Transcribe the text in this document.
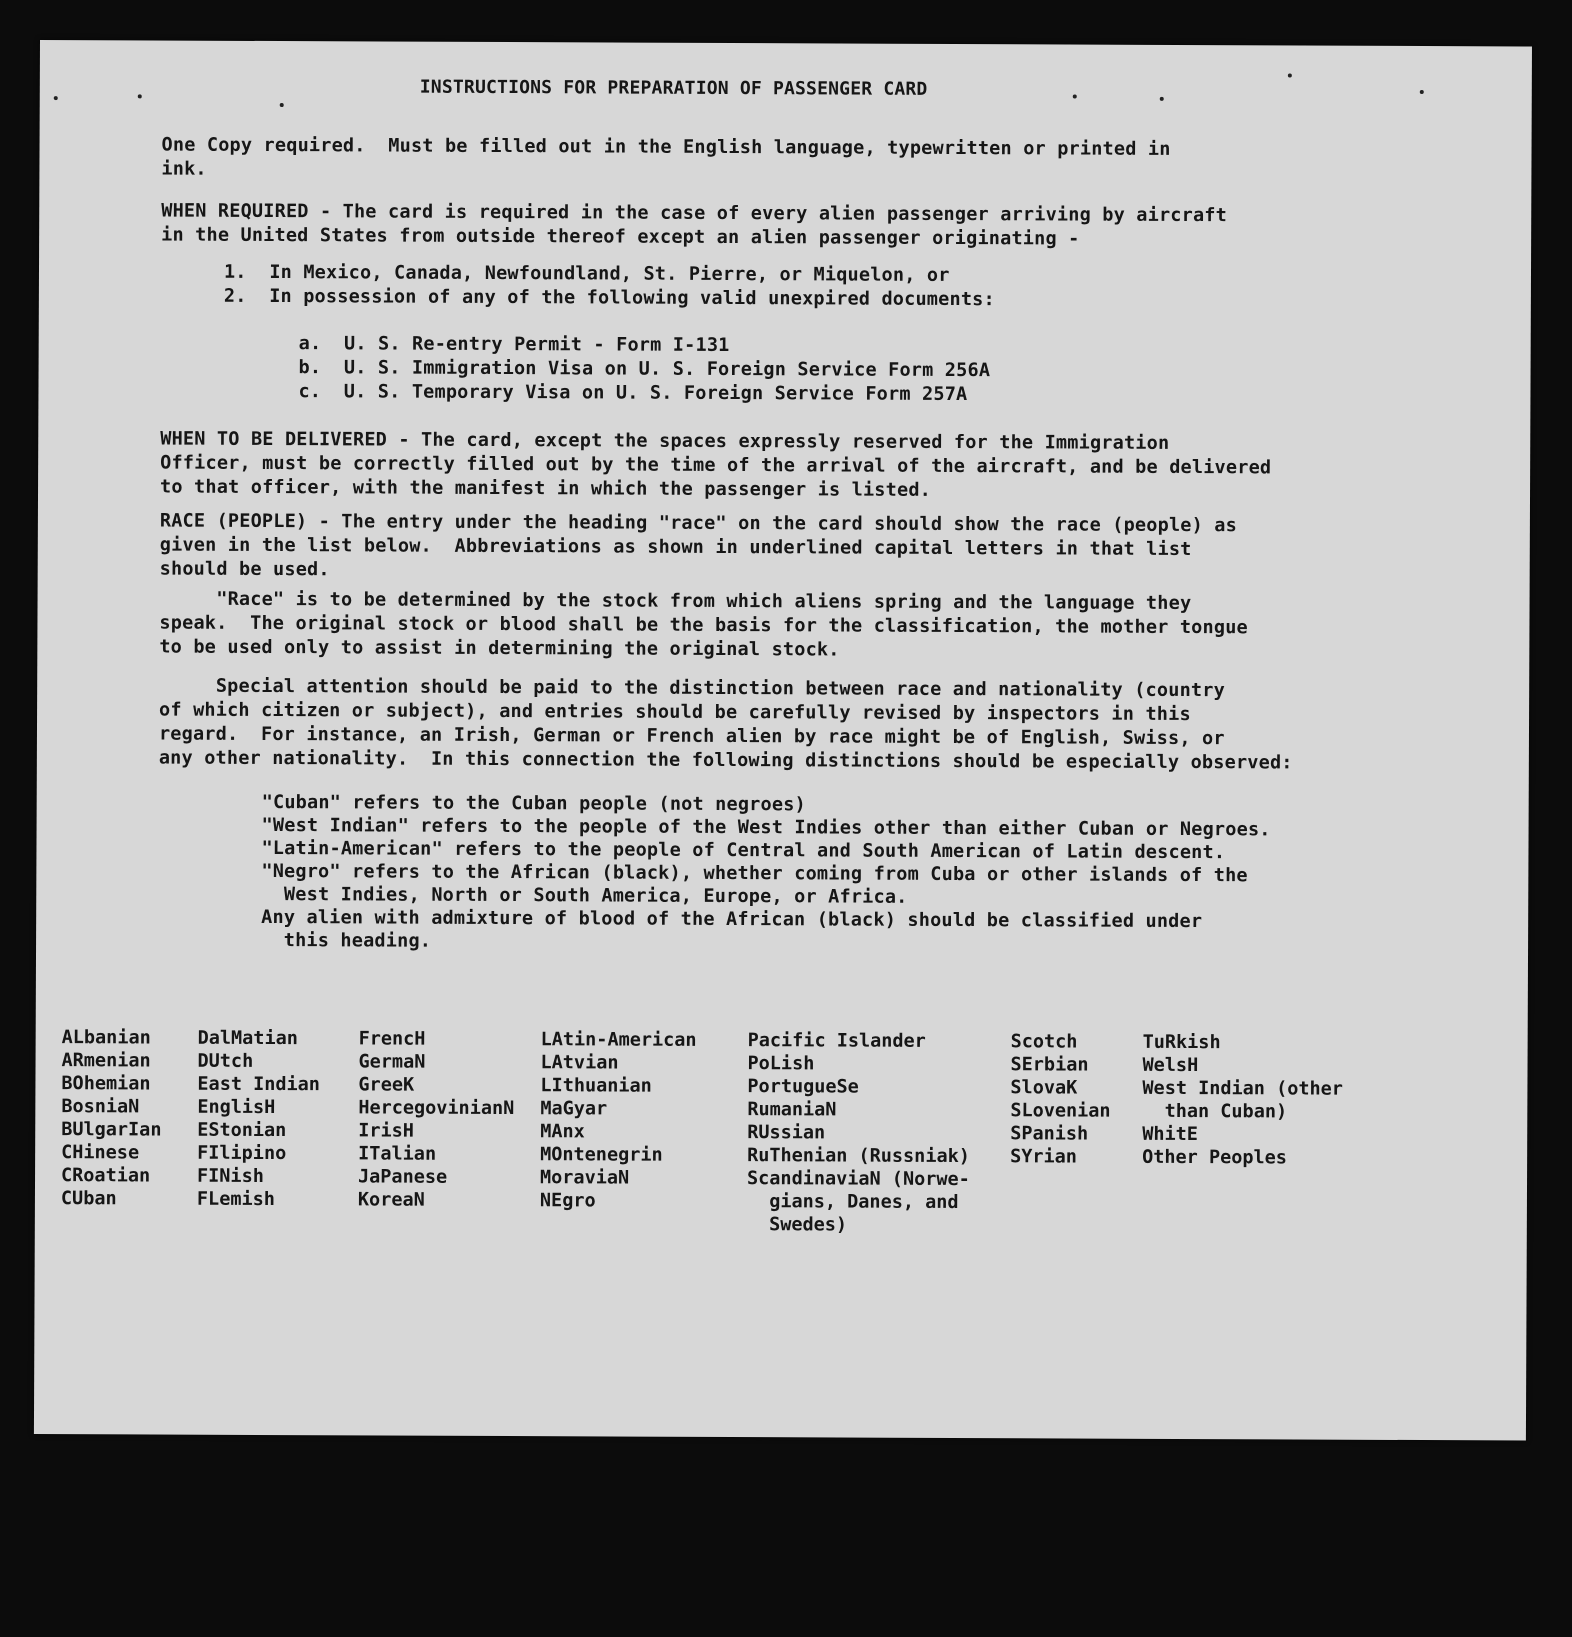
INSTRUCTIONS FOR PREPARATION OF PASSENGER CARD
One Copy required.  Must be filled out in the English language, typewritten or printed in
ink.
WHEN REQUIRED - The card is required in the case of every alien passenger arriving by aircraft
in the United States from outside thereof except an alien passenger originating -
1.  In Mexico, Canada, Newfoundland, St. Pierre, or Miquelon, or
2.  In possession of any of the following valid unexpired documents:
a.  U. S. Re-entry Permit - Form I-131
b.  U. S. Immigration Visa on U. S. Foreign Service Form 256A
c.  U. S. Temporary Visa on U. S. Foreign Service Form 257A
WHEN TO BE DELIVERED - The card, except the spaces expressly reserved for the Immigration
Officer, must be correctly filled out by the time of the arrival of the aircraft, and be delivered
to that officer, with the manifest in which the passenger is listed.
RACE (PEOPLE) - The entry under the heading "race" on the card should show the race (people) as
given in the list below.  Abbreviations as shown in underlined capital letters in that list
should be used.
"Race" is to be determined by the stock from which aliens spring and the language they
speak.  The original stock or blood shall be the basis for the classification, the mother tongue
to be used only to assist in determining the original stock.
Special attention should be paid to the distinction between race and nationality (country
of which citizen or subject), and entries should be carefully revised by inspectors in this
regard.  For instance, an Irish, German or French alien by race might be of English, Swiss, or
any other nationality.  In this connection the following distinctions should be especially observed:
"Cuban" refers to the Cuban people (not negroes)
"West Indian" refers to the people of the West Indies other than either Cuban or Negroes.
"Latin-American" refers to the people of Central and South American of Latin descent.
"Negro" refers to the African (black), whether coming from Cuba or other islands of the
West Indies, North or South America, Europe, or Africa.
Any alien with admixture of blood of the African (black) should be classified under
this heading.
ALbanian
ARmenian
BOhemian
BosniaN
BUlgarIan
CHinese
CRoatian
CUban
DalMatian
DUtch
East Indian
EnglisH
EStonian
FIlipino
FINish
FLemish
FrencH
GermaN
GreeK
HercegovinianN
IrisH
ITalian
JaPanese
KoreaN
LAtin-American
LAtvian
LIthuanian
MaGyar
MAnx
MOntenegrin
MoraviaN
NEgro
Pacific Islander
PoLish
PortugueSe
RumaniaN
RUssian
RuThenian (Russniak)
ScandinaviaN (Norwe-
gians, Danes, and
Swedes)
Scotch
SErbian
SlovaK
SLovenian
SPanish
SYrian
TuRkish
WelsH
West Indian (other
than Cuban)
WhitE
Other Peoples
